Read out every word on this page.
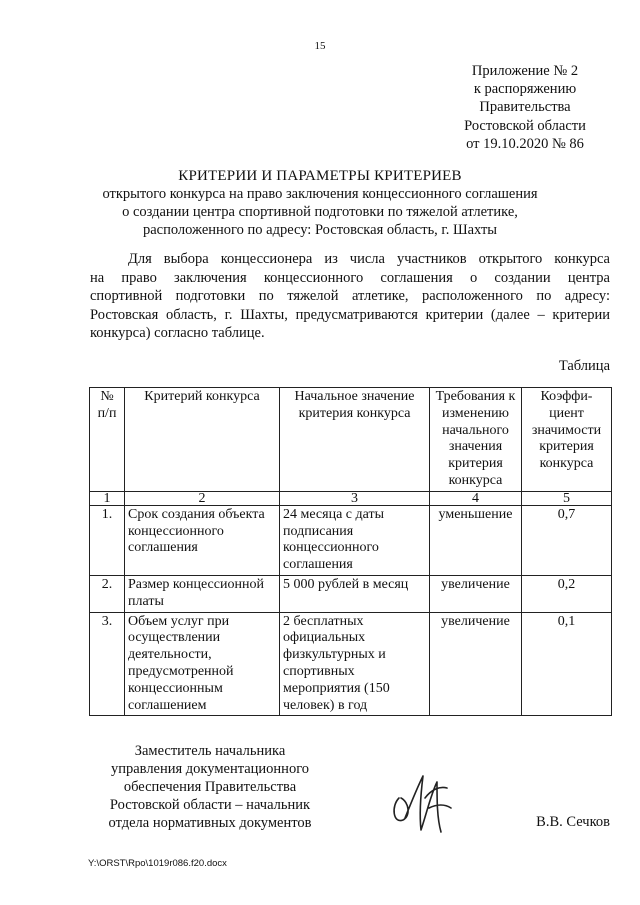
15
Приложение № 2
к распоряжению
Правительства
Ростовской области
от 19.10.2020 № 86
КРИТЕРИИ И ПАРАМЕТРЫ КРИТЕРИЕВ
открытого конкурса на право заключения концессионного соглашения
о создании центра спортивной подготовки по тяжелой атлетике,
расположенного по адресу: Ростовская область, г. Шахты
Для выбора концессионера из числа участников открытого конкурса
на право заключения концессионного соглашения о создании центра
спортивной подготовки по тяжелой атлетике, расположенного по адресу:
Ростовская область, г. Шахты, предусматриваются критерии (далее – критерии
конкурса) согласно таблице.
Таблица
№ п/п	Критерий конкурса	Начальное значение критерия конкурса	Требования к изменению начального значения критерия конкурса	Коэффи-циент значимости критерия конкурса
1	2	3	4	5
1.	Срок создания объекта концессионного соглашения	24 месяца с даты подписания концессионного соглашения	уменьшение	0,7
2.	Размер концессионной платы	5 000 рублей в месяц	увеличение	0,2
3.	Объем услуг при осуществлении деятельности, предусмотренной концессионным соглашением	2 бесплатных официальных физкультурных и спортивных мероприятия (150 человек) в год	увеличение	0,1
Заместитель начальника
управления документационного
обеспечения Правительства
Ростовской области – начальник
отдела нормативных документов	В.В. Сечков
Y:\ORST\Rpo\1019r086.f20.docx
